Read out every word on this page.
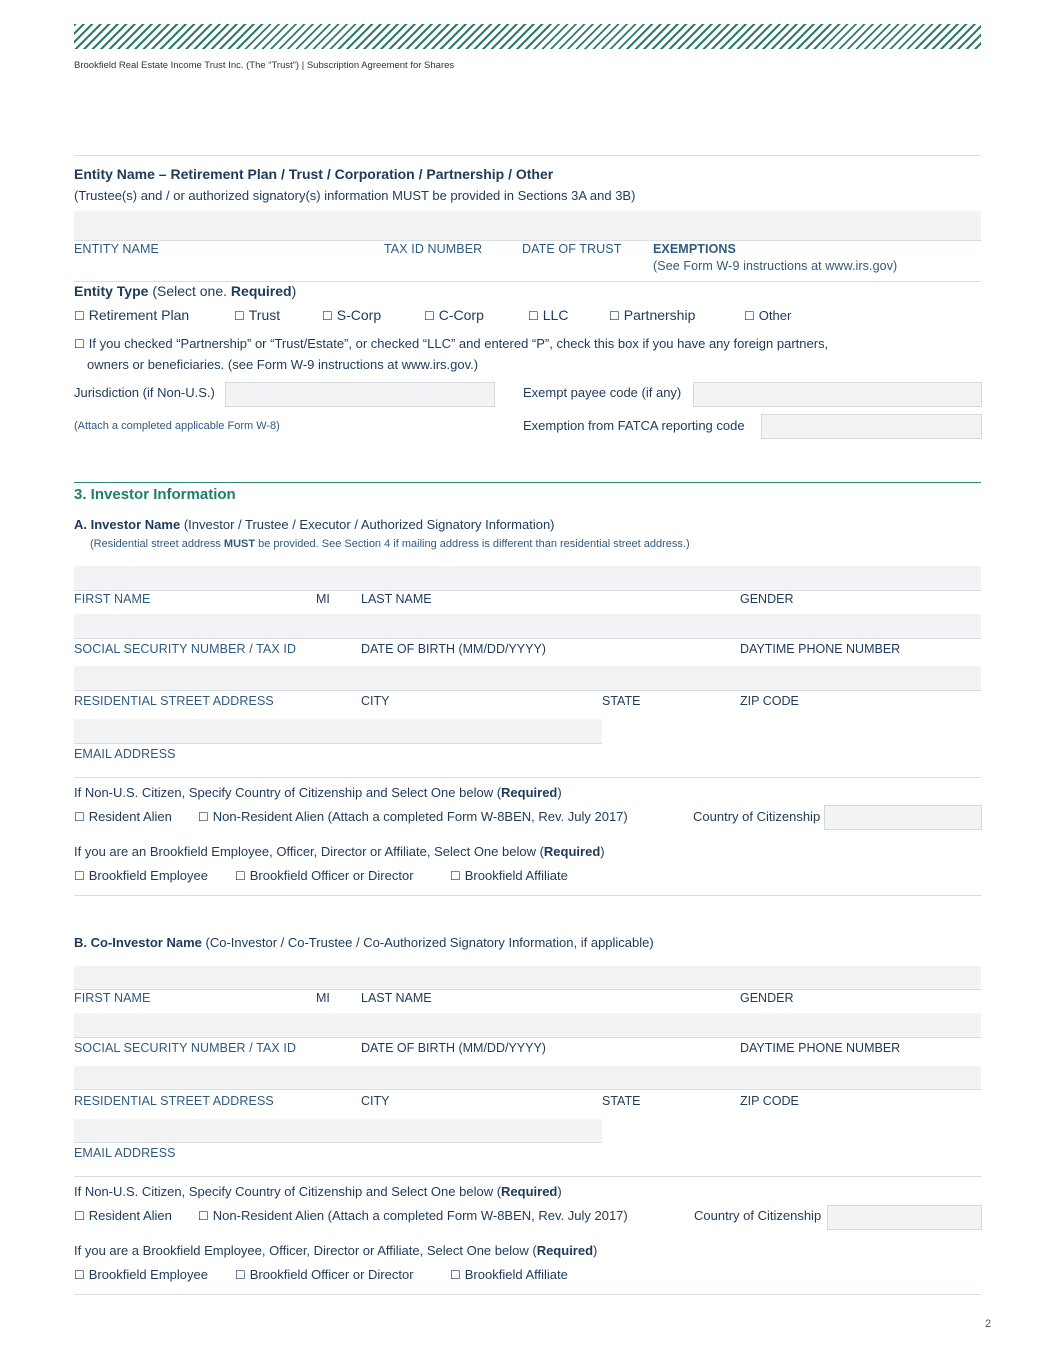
Brookfield Real Estate Income Trust Inc. (The “Trust”) | Subscription Agreement for Shares
Entity Name – Retirement Plan / Trust / Corporation / Partnership / Other
(Trustee(s) and / or authorized signatory(s) information MUST be provided in Sections 3A and 3B)
ENTITY NAME	TAX ID NUMBER	DATE OF TRUST	EXEMPTIONS
(See Form W-9 instructions at www.irs.gov)
Entity Type (Select one. Required)
☐ Retirement Plan	☐ Trust	☐ S-Corp	☐ C-Corp	☐ LLC	☐ Partnership	☐ Other
☐ If you checked “Partnership” or “Trust/Estate”, or checked “LLC” and entered “P”, check this box if you have any foreign partners,
owners or beneficiaries. (see Form W-9 instructions at www.irs.gov.)
Jurisdiction (if Non-U.S.)	Exempt payee code (if any)
(Attach a completed applicable Form W-8)	Exemption from FATCA reporting code
3. Investor Information
A. Investor Name (Investor / Trustee / Executor / Authorized Signatory Information)
(Residential street address MUST be provided. See Section 4 if mailing address is different than residential street address.)
FIRST NAME	MI LAST NAME	GENDER
SOCIAL SECURITY NUMBER / TAX ID	DATE OF BIRTH (MM/DD/YYYY)	DAYTIME PHONE NUMBER
RESIDENTIAL STREET ADDRESS	CITY	STATE	ZIP CODE
EMAIL ADDRESS
If Non-U.S. Citizen, Specify Country of Citizenship and Select One below (Required)
☐ Resident Alien	☐ Non-Resident Alien (Attach a completed Form W-8BEN, Rev. July 2017)	Country of Citizenship
If you are an Brookfield Employee, Officer, Director or Affiliate, Select One below (Required)
☐ Brookfield Employee	☐ Brookfield Officer or Director	☐ Brookfield Affiliate
B. Co-Investor Name (Co-Investor / Co-Trustee / Co-Authorized Signatory Information, if applicable)
FIRST NAME	MI LAST NAME	GENDER
SOCIAL SECURITY NUMBER / TAX ID	DATE OF BIRTH (MM/DD/YYYY)	DAYTIME PHONE NUMBER
RESIDENTIAL STREET ADDRESS	CITY	STATE	ZIP CODE
EMAIL ADDRESS
If Non-U.S. Citizen, Specify Country of Citizenship and Select One below (Required)
☐ Resident Alien	☐ Non-Resident Alien (Attach a completed Form W-8BEN, Rev. July 2017)	Country of Citizenship
If you are a Brookfield Employee, Officer, Director or Affiliate, Select One below (Required)
☐ Brookfield Employee	☐ Brookfield Officer or Director	☐ Brookfield Affiliate
2
